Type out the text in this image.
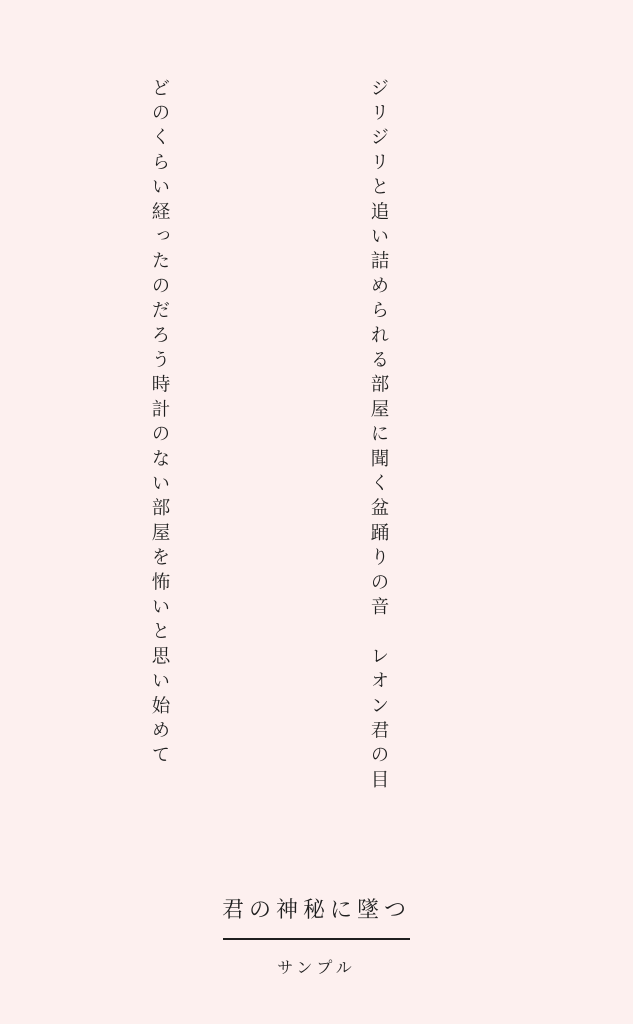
ジリジリと追い詰められる部屋に聞く盆踊りの音　レオン君の目

どのくらい経ったのだろう時計のない部屋を怖いと思い始めて

君の神秘に墜つ
サンプル
